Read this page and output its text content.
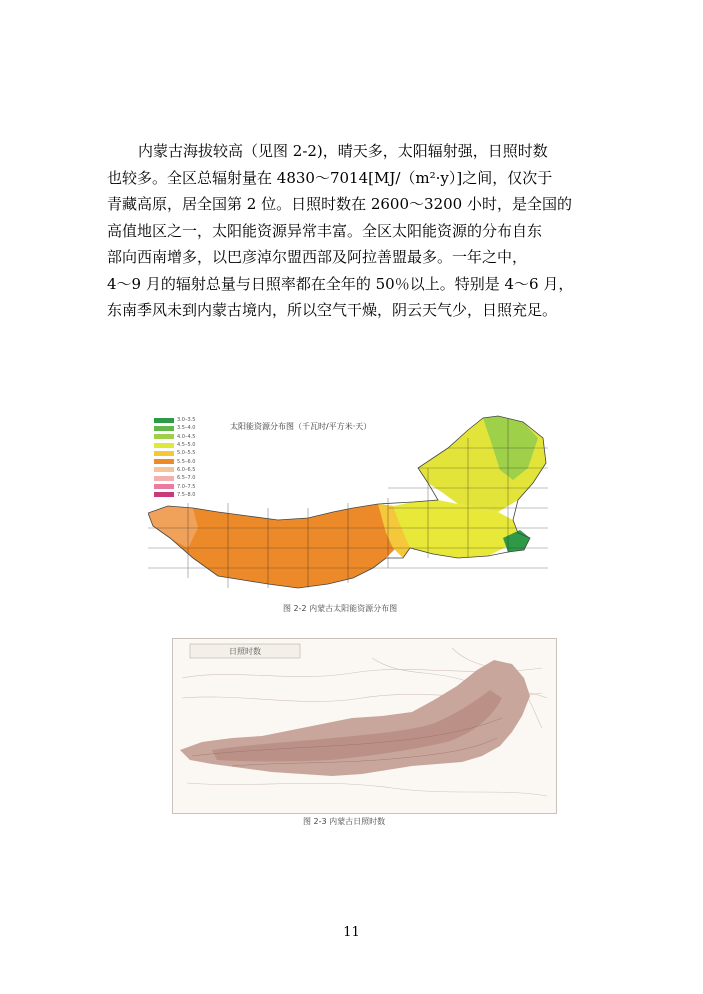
内蒙古海拔较高（见图 2-2)，晴天多，太阳辐射强，日照时数
也较多。全区总辐射量在 4830～7014[MJ/（m²·y）]之间，仅次于
青藏高原，居全国第 2 位。日照时数在 2600～3200 小时，是全国的
高值地区之一，太阳能资源异常丰富。全区太阳能资源的分布自东
部向西南增多，以巴彦淖尔盟西部及阿拉善盟最多。一年之中，
4～9 月的辐射总量与日照率都在全年的 50％以上。特别是 4～6 月，
东南季风未到内蒙古境内，所以空气干燥，阴云天气少，日照充足。
3.0–3.5
3.5–4.0
4.0–4.5
4.5–5.0
5.0–5.5
5.5–6.0
6.0–6.5
6.5–7.0
7.0–7.5
7.5–8.0
太阳能资源分布图（千瓦时/平方米·天）
图 2-2 内蒙古太阳能资源分布图
日照时数
图 2-3 内蒙古日照时数
11
